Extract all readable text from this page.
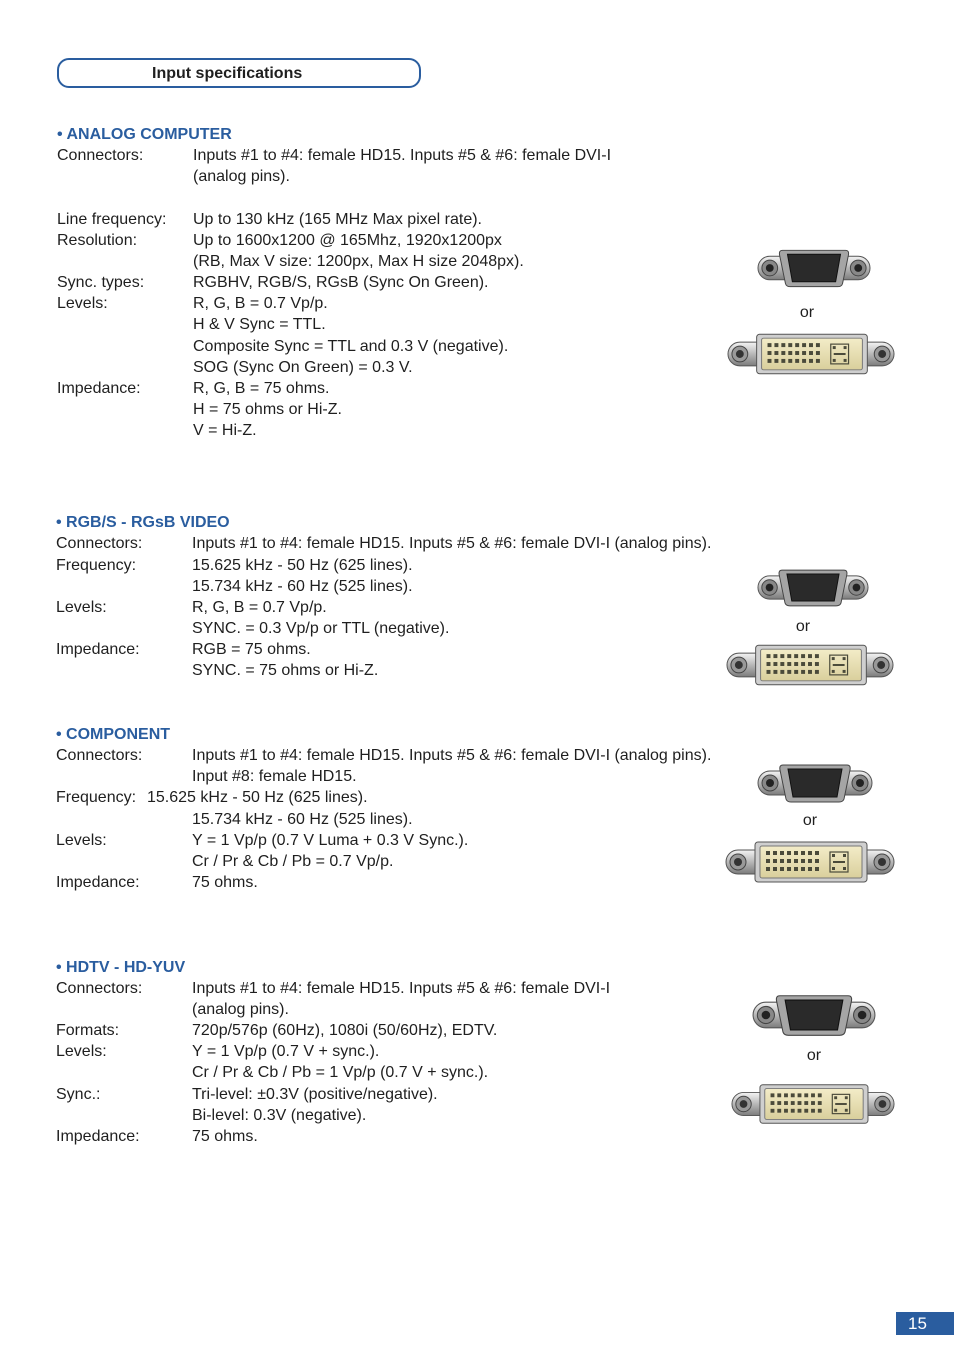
Input specifications
• ANALOG COMPUTER
Connectors:	Inputs #1 to #4: female HD15. Inputs #5 & #6: female DVI-I
(analog pins).
Line frequency: Up to 130 kHz (165 MHz Max pixel rate).
Resolution:	Up to 1600x1200 @ 165Mhz, 1920x1200px
(RB, Max V size: 1200px, Max H size 2048px).
Sync. types:	RGBHV, RGB/S, RGsB (Sync On Green).
Levels:	R, G, B = 0.7 Vp/p.
H & V Sync = TTL.
Composite Sync = TTL and 0.3 V (negative).
SOG (Sync On Green) = 0.3 V.
Impedance:	R, G, B = 75 ohms.
H = 75 ohms or Hi-Z.
V = Hi-Z.
• RGB/S - RGsB VIDEO
Connectors:	Inputs #1 to #4: female HD15. Inputs #5 & #6: female DVI-I (analog pins).
Frequency:	15.625 kHz - 50 Hz (625 lines).
15.734 kHz - 60 Hz (525 lines).
Levels:	R, G, B = 0.7 Vp/p.
SYNC. = 0.3 Vp/p or TTL (negative).
Impedance:	RGB = 75 ohms.
SYNC. = 75 ohms or Hi-Z.
• COMPONENT
Connectors:	Inputs #1 to #4: female HD15. Inputs #5 & #6: female DVI-I (analog pins).
Input #8: female HD15.
Frequency: 15.625 kHz - 50 Hz (625 lines).
15.734 kHz - 60 Hz (525 lines).
Levels:	Y = 1 Vp/p (0.7 V Luma + 0.3 V Sync.).
Cr / Pr & Cb / Pb = 0.7 Vp/p.
Impedance:	75 ohms.
• HDTV - HD-YUV
Connectors:	Inputs #1 to #4: female HD15. Inputs #5 & #6: female DVI-I
(analog pins).
Formats:	720p/576p (60Hz), 1080i (50/60Hz), EDTV.
Levels:	Y = 1 Vp/p (0.7 V + sync.).
Cr / Pr & Cb / Pb = 1 Vp/p (0.7 V + sync.).
Sync.:	Tri-level: ±0.3V (positive/negative).
Bi-level: 0.3V (negative).
Impedance:	75 ohms.
or
or
or
or
15
